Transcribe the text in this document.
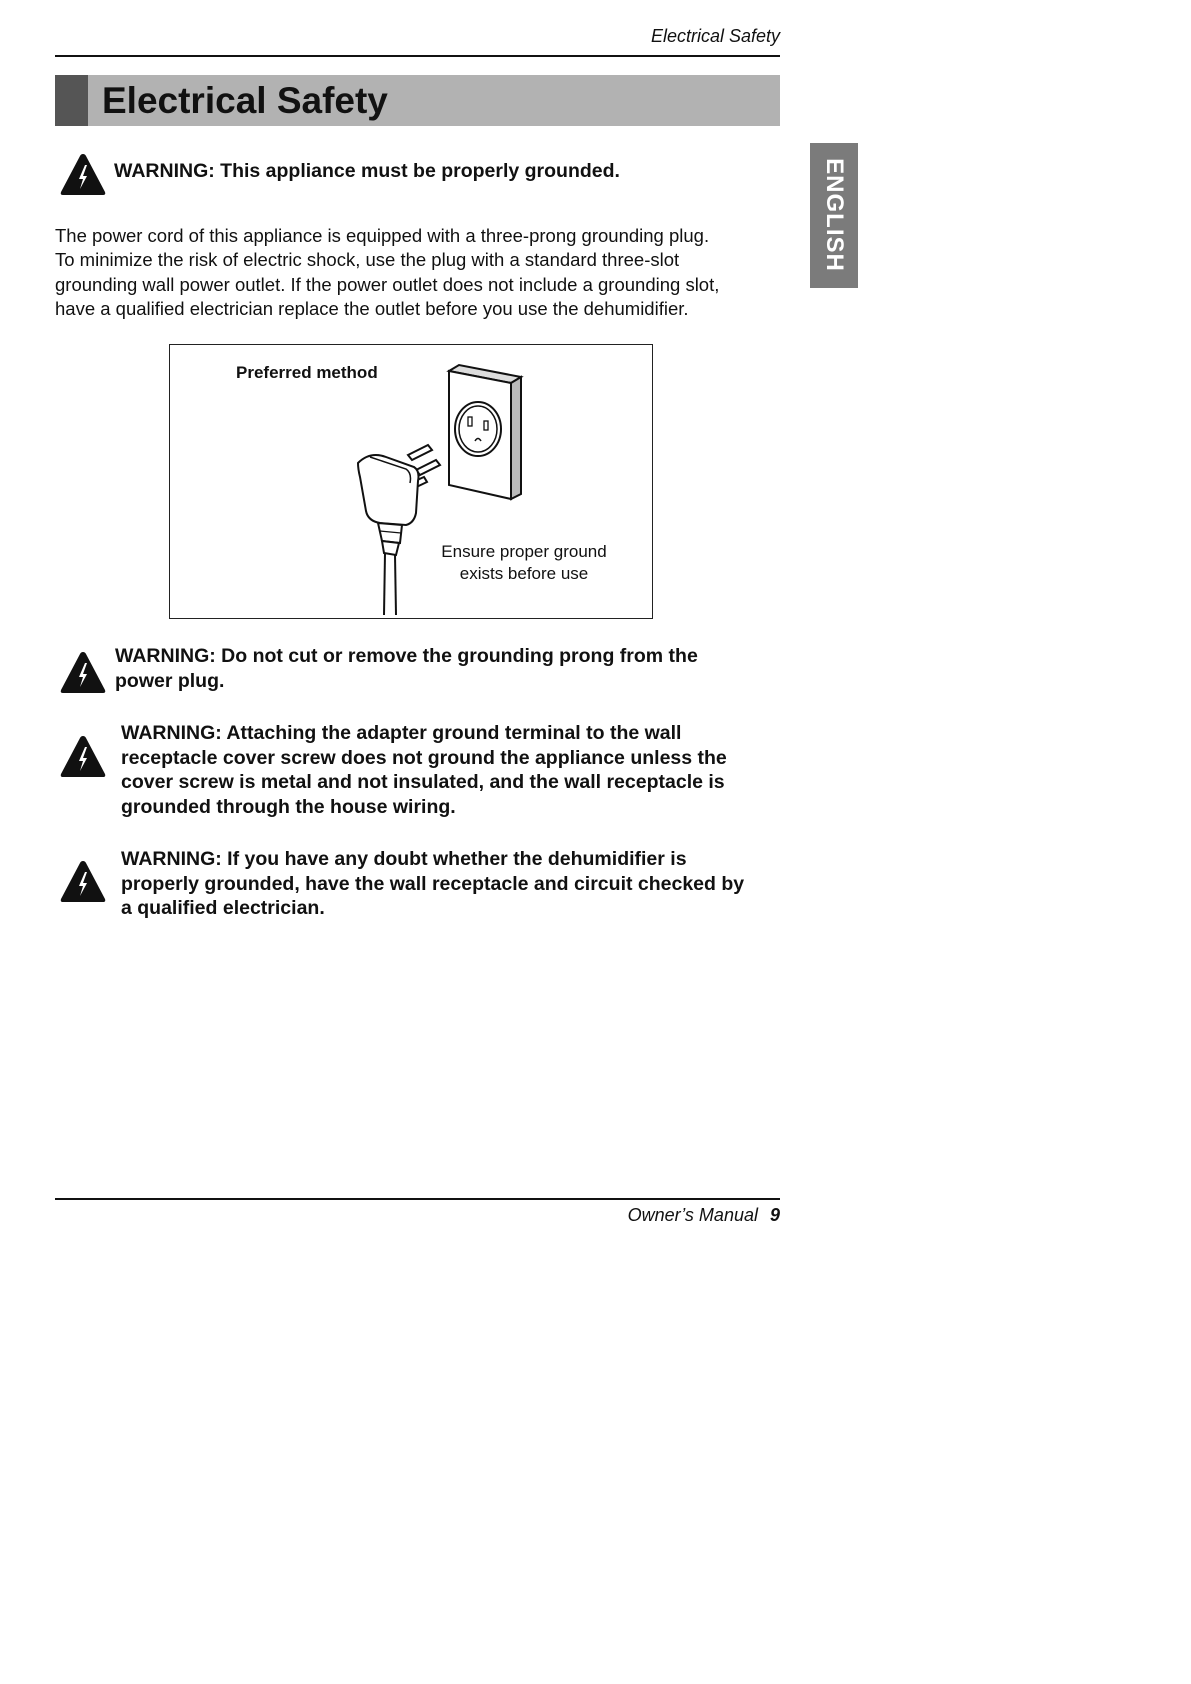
Electrical Safety
Electrical Safety
ENGLISH
WARNING: This appliance must be properly grounded.
The power cord of this appliance is equipped with a three-prong grounding plug.
To minimize the risk of electric shock, use the plug with a standard three-slot
grounding wall power outlet. If the power outlet does not include a grounding slot,
have a qualified electrician replace the outlet before you use the dehumidifier.
Preferred method
Ensure proper ground
exists before use
WARNING: Do not cut or remove the grounding prong from the
power plug.
WARNING: Attaching the adapter ground terminal to the wall
receptacle cover screw does not ground the appliance unless the
cover screw is metal and not insulated, and the wall receptacle is
grounded through the house wiring.
WARNING: If you have any doubt whether the dehumidifier is
properly grounded, have the wall receptacle and circuit checked by
a qualified electrician.
Owner’s Manual 9
